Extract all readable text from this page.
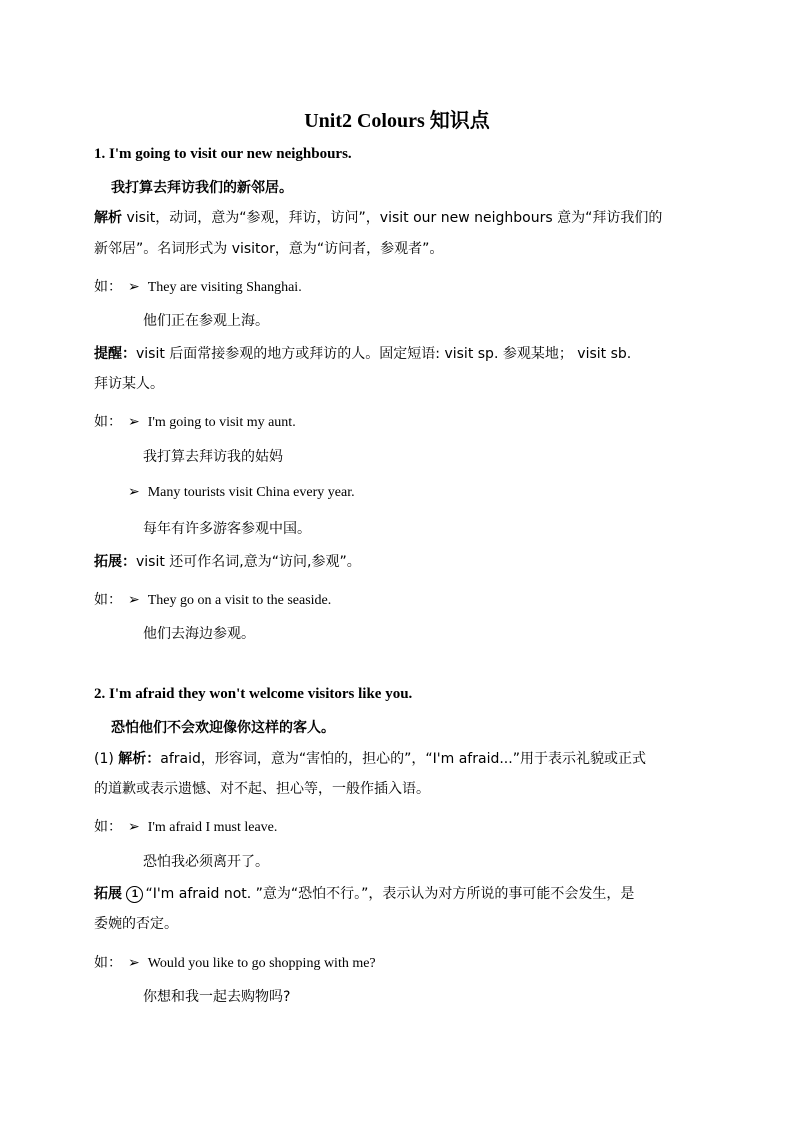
Unit2 Colours 知识点
1. I'm going to visit our new neighbours.
我打算去拜访我们的新邻居。
解析 visit，动词，意为“参观，拜访，访问”，visit our new neighbours 意为“拜访我们的
新邻居”。名词形式为 visitor，意为“访问者，参观者”。
如： ➢ They are visiting Shanghai.
他们正在参观上海。
提醒：visit 后面常接参观的地方或拜访的人。固定短语: visit sp. 参观某地； visit sb.
拜访某人。
如： ➢ I'm going to visit my aunt.
我打算去拜访我的姑妈
➢ Many tourists visit China every year.
每年有许多游客参观中国。
拓展：visit 还可作名词,意为“访问,参观”。
如： ➢ They go on a visit to the seaside.
他们去海边参观。
2. I'm afraid they won't welcome visitors like you.
恐怕他们不会欢迎像你这样的客人。
(1) 解析：afraid，形容词，意为“害怕的，担心的”，“I'm afraid...”用于表示礼貌或正式
的道歉或表示遗憾、对不起、担心等，一般作插入语。
如： ➢ I'm afraid I must leave.
恐怕我必须离开了。
拓展 1 “I'm afraid not. ”意为“恐怕不行。”，表示认为对方所说的事可能不会发生，是
委婉的否定。
如： ➢ Would you like to go shopping with me?
你想和我一起去购物吗?
